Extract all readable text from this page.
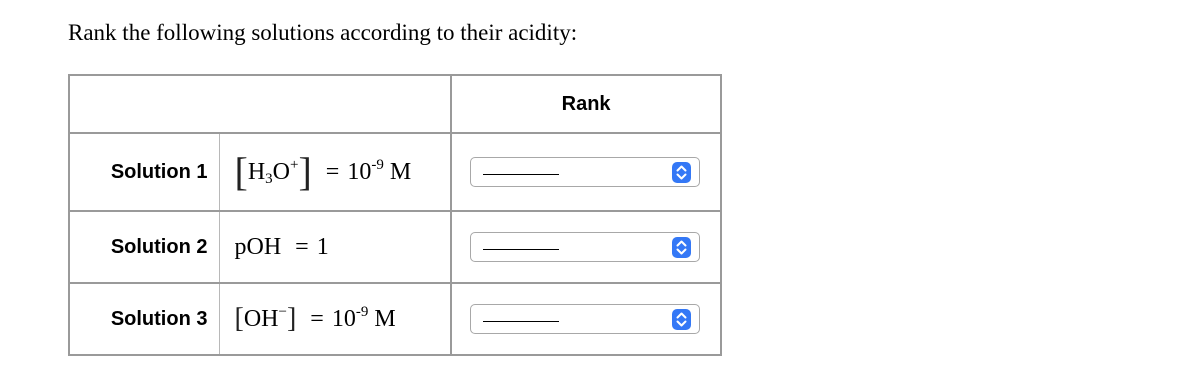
Rank the following solutions according to their acidity:
		Rank
Solution 1	$[H_3O^+] = 10^{-9}$ M	

Solution 2	pOH = 1	

Solution 3	$[OH^-] = 10^{-9}$ M	
